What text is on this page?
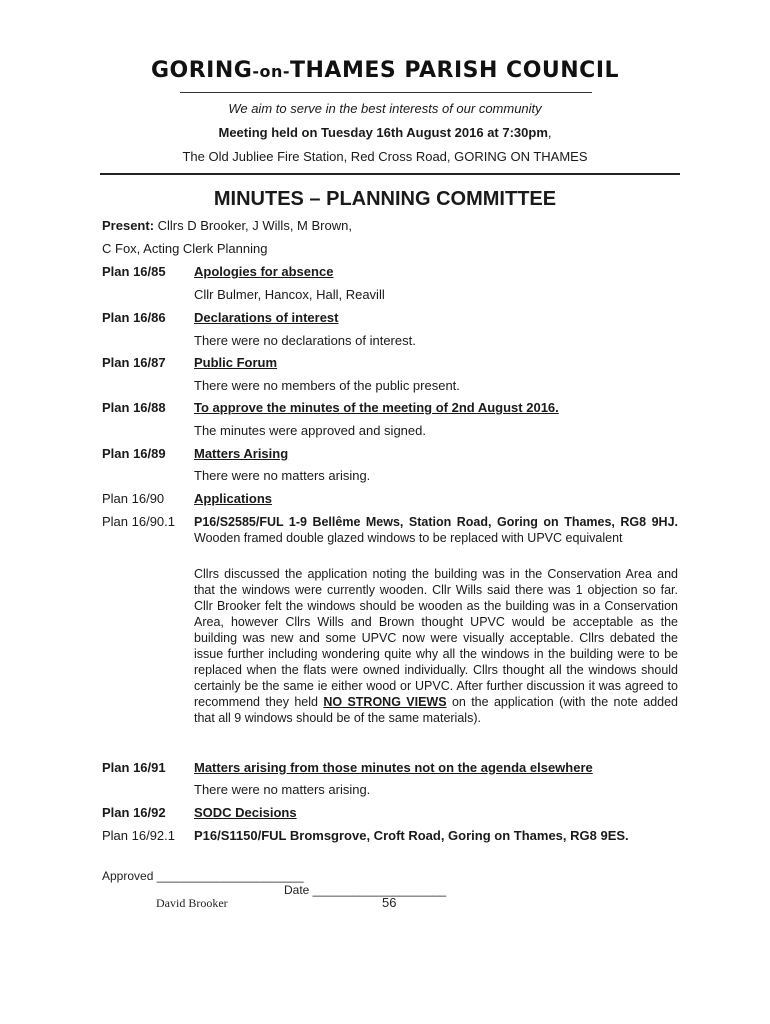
GORING-on-THAMES PARISH COUNCIL
We aim to serve in the best interests of our community
Meeting held on Tuesday 16th August 2016 at 7:30pm,
The Old Jubliee Fire Station, Red Cross Road, GORING ON THAMES
MINUTES – PLANNING COMMITTEE
Present: Cllrs D Brooker, J Wills, M Brown,
C Fox, Acting Clerk Planning
Plan 16/85 Apologies for absence
Cllr Bulmer, Hancox, Hall, Reavill
Plan 16/86 Declarations of interest
There were no declarations of interest.
Plan 16/87 Public Forum
There were no members of the public present.
Plan 16/88 To approve the minutes of the meeting of 2nd August 2016.
The minutes were approved and signed.
Plan 16/89 Matters Arising
There were no matters arising.
Plan 16/90 Applications
Plan 16/90.1 P16/S2585/FUL 1-9 Bellême Mews, Station Road, Goring on Thames, RG8 9HJ. Wooden framed double glazed windows to be replaced with UPVC equivalent
Cllrs discussed the application noting the building was in the Conservation Area and that the windows were currently wooden. Cllr Wills said there was 1 objection so far. Cllr Brooker felt the windows should be wooden as the building was in a Conservation Area, however Cllrs Wills and Brown thought UPVC would be acceptable as the building was new and some UPVC now were visually acceptable. Cllrs debated the issue further including wondering quite why all the windows in the building were to be replaced when the flats were owned individually. Cllrs thought all the windows should certainly be the same ie either wood or UPVC. After further discussion it was agreed to recommend they held NO STRONG VIEWS on the application (with the note added that all 9 windows should be of the same materials).
Plan 16/91 Matters arising from those minutes not on the agenda elsewhere
There were no matters arising.
Plan 16/92 SODC Decisions
Plan 16/92.1 P16/S1150/FUL Bromsgrove, Croft Road, Goring on Thames, RG8 9ES.
Approved ______________________
Date ____________________
David Brooker	56
